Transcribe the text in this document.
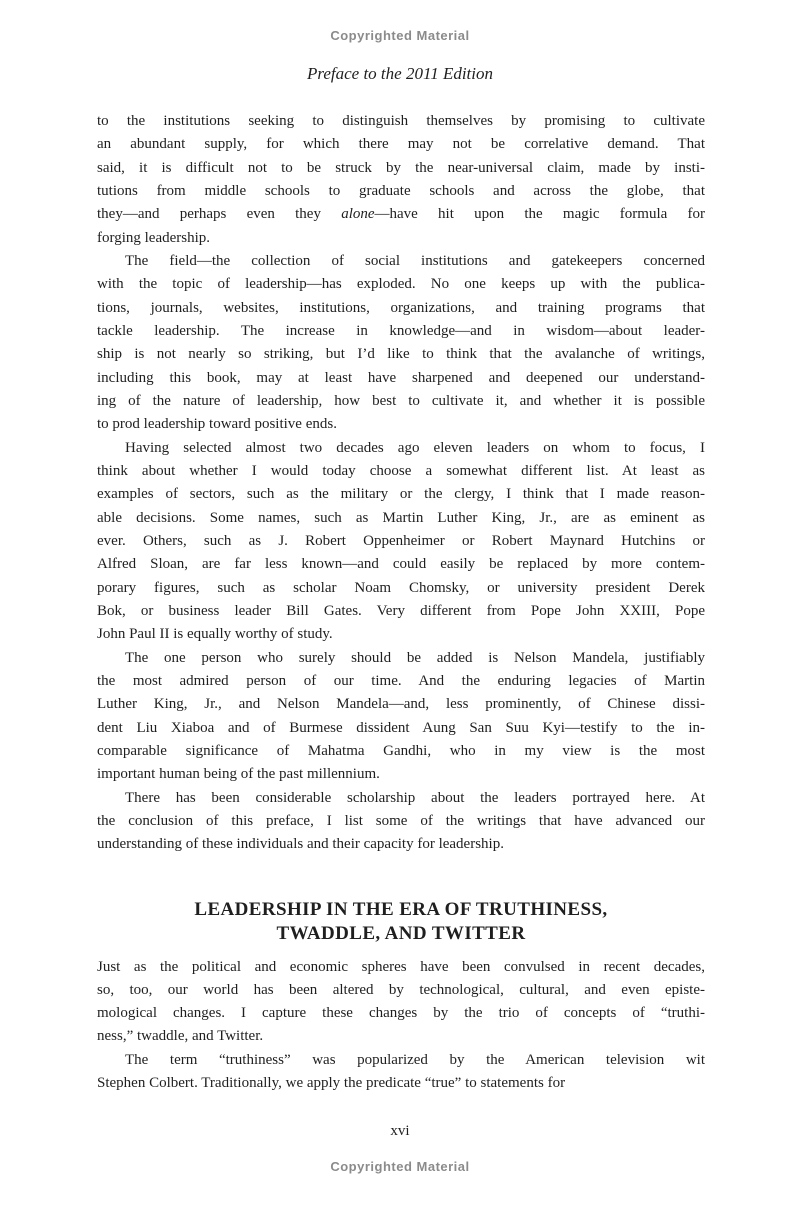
Copyrighted Material
Preface to the 2011 Edition
to the institutions seeking to distinguish themselves by promising to cultivate
an abundant supply, for which there may not be correlative demand. That
said, it is difficult not to be struck by the near-universal claim, made by insti-
tutions from middle schools to graduate schools and across the globe, that
they—and perhaps even they alone—have hit upon the magic formula for
forging leadership.
The field—the collection of social institutions and gatekeepers concerned
with the topic of leadership—has exploded. No one keeps up with the publica-
tions, journals, websites, institutions, organizations, and training programs that
tackle leadership. The increase in knowledge—and in wisdom—about leader-
ship is not nearly so striking, but I’d like to think that the avalanche of writings,
including this book, may at least have sharpened and deepened our understand-
ing of the nature of leadership, how best to cultivate it, and whether it is possible
to prod leadership toward positive ends.
Having selected almost two decades ago eleven leaders on whom to focus, I
think about whether I would today choose a somewhat different list. At least as
examples of sectors, such as the military or the clergy, I think that I made reason-
able decisions. Some names, such as Martin Luther King, Jr., are as eminent as
ever. Others, such as J. Robert Oppenheimer or Robert Maynard Hutchins or
Alfred Sloan, are far less known—and could easily be replaced by more contem-
porary figures, such as scholar Noam Chomsky, or university president Derek
Bok, or business leader Bill Gates. Very different from Pope John XXIII, Pope
John Paul II is equally worthy of study.
The one person who surely should be added is Nelson Mandela, justifiably
the most admired person of our time. And the enduring legacies of Martin
Luther King, Jr., and Nelson Mandela—and, less prominently, of Chinese dissi-
dent Liu Xiaboa and of Burmese dissident Aung San Suu Kyi—testify to the in-
comparable significance of Mahatma Gandhi, who in my view is the most
important human being of the past millennium.
There has been considerable scholarship about the leaders portrayed here. At
the conclusion of this preface, I list some of the writings that have advanced our
understanding of these individuals and their capacity for leadership.
LEADERSHIP IN THE ERA OF TRUTHINESS,
TWADDLE, AND TWITTER
Just as the political and economic spheres have been convulsed in recent decades,
so, too, our world has been altered by technological, cultural, and even episte-
mological changes. I capture these changes by the trio of concepts of “truthi-
ness,” twaddle, and Twitter.
The term “truthiness” was popularized by the American television wit
Stephen Colbert. Traditionally, we apply the predicate “true” to statements for
xvi
Copyrighted Material
